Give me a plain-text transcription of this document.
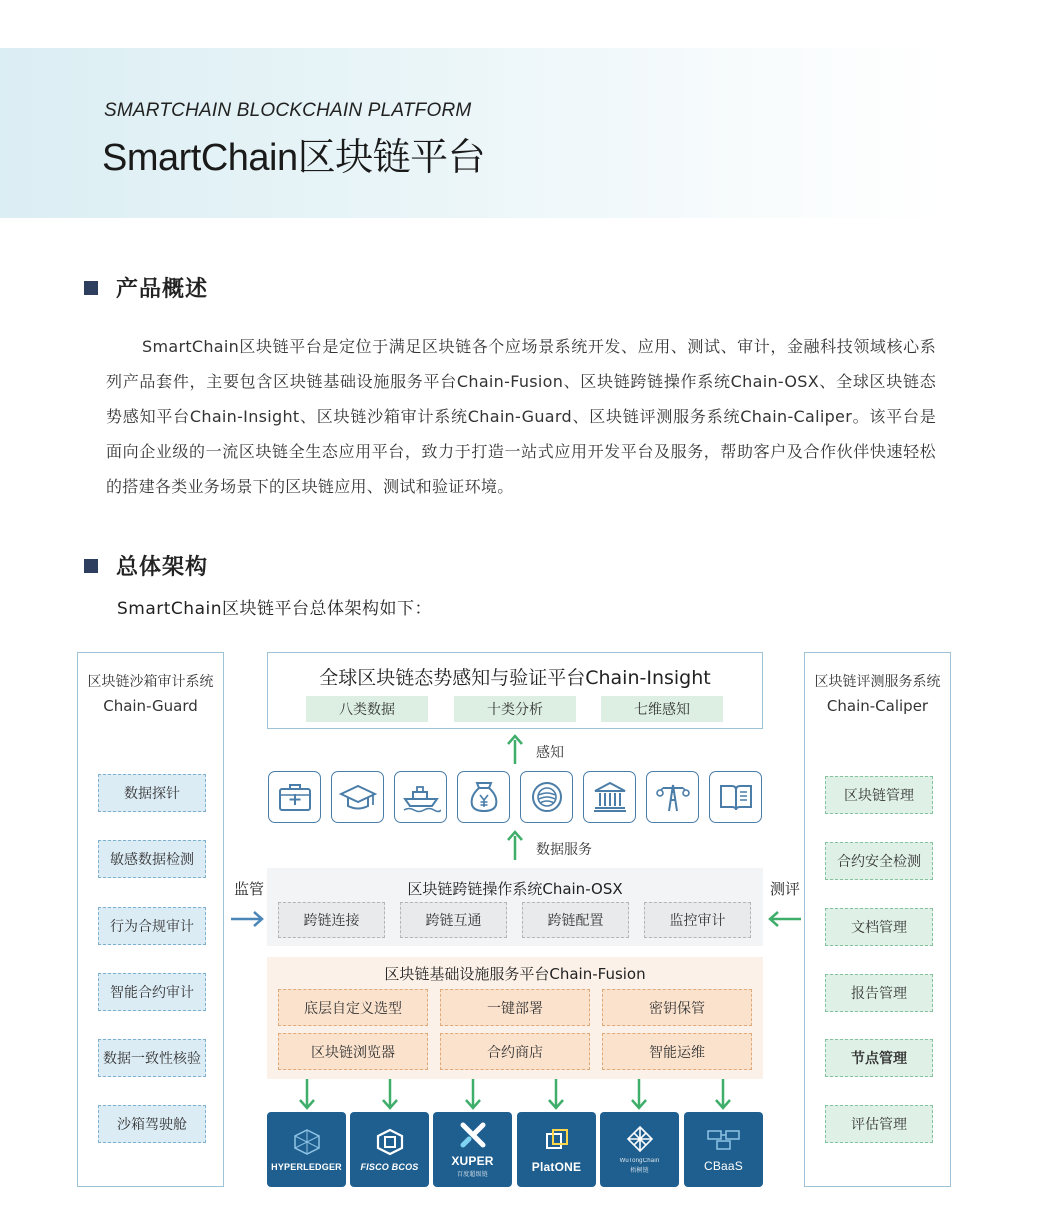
SMARTCHAIN BLOCKCHAIN PLATFORM
SmartChain区块链平台
产品概述

SmartChain区块链平台是定位于满足区块链各个应场景系统开发、应用、测试、审计，金融科技领域核心系列产品套件，主要包含区块链基础设施服务平台Chain-Fusion、区块链跨链操作系统Chain-OSX、全球区块链态势感知平台Chain-Insight、区块链沙箱审计系统Chain-Guard、区块链评测服务系统Chain-Caliper。该平台是面向企业级的一流区块链全生态应用平台，致力于打造一站式应用开发平台及服务，帮助客户及合作伙伴快速轻松的搭建各类业务场景下的区块链应用、测试和验证环境。

总体架构
SmartChain区块链平台总体架构如下：
区块链沙箱审计系统
Chain-Guard
数据探针
敏感数据检测
行为合规审计
智能合约审计
数据一致性核验
沙箱驾驶舱
区块链评测服务系统
Chain-Caliper
区块链管理
合约安全检测
文档管理
报告管理
节点管理
评估管理
全球区块链态势感知与验证平台Chain-Insight
八类数据	十类分析	七维感知
感知
数据服务
区块链跨链操作系统Chain-OSX
跨链连接	跨链互通	跨链配置	监控审计
监管	测评
区块链基础设施服务平台Chain-Fusion
底层自定义选型	一键部署	密钥保管
区块链浏览器	合约商店	智能运维
HYPERLEDGER FISCO BCOS	XUPER
百度超级链
PlatONE	WuTongChain
梧桐链	CBaaS
